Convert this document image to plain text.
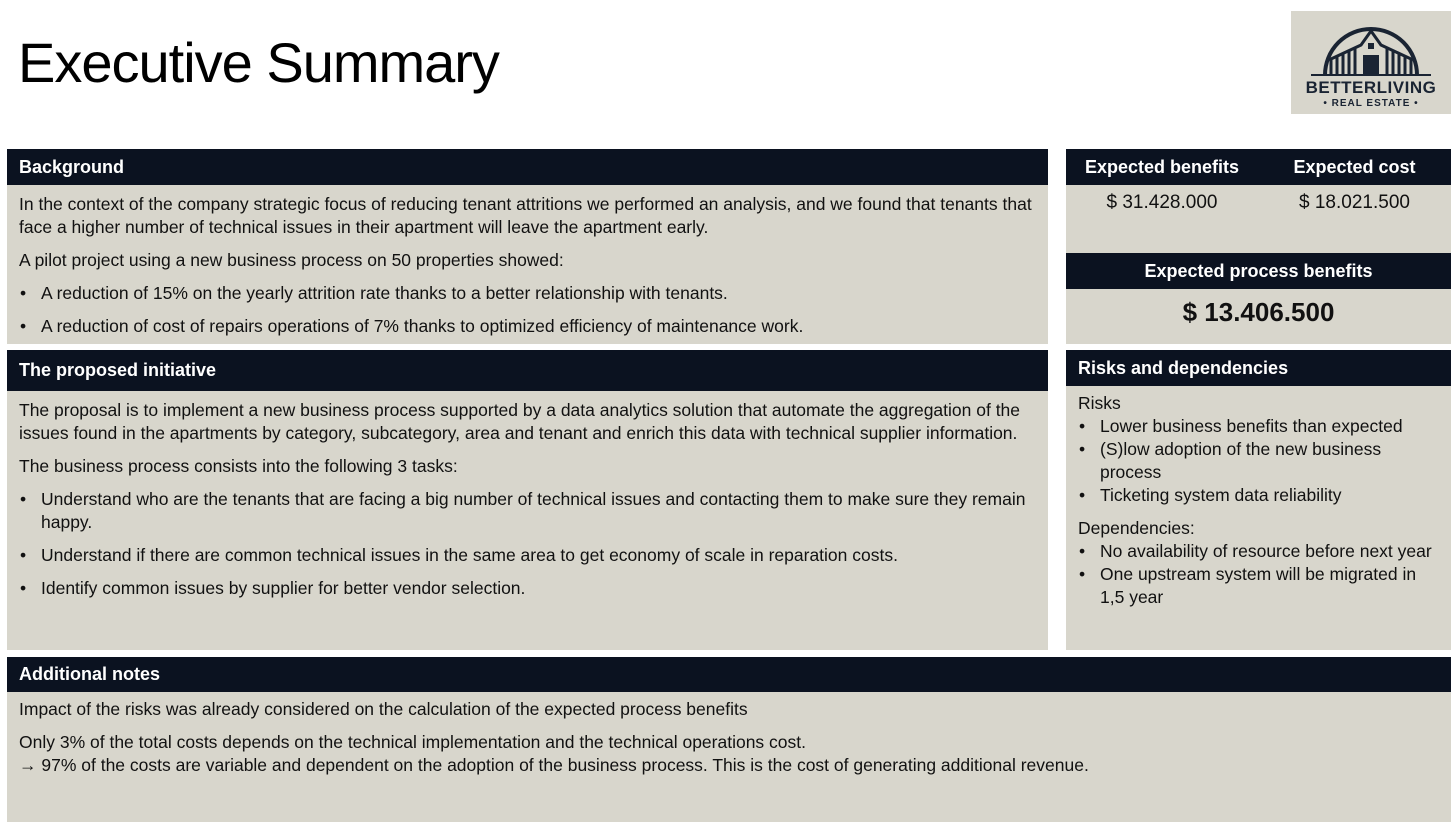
Executive Summary	BETTERLIVING
• REAL ESTATE •
Background

In the context of the company strategic focus of reducing tenant attritions we performed an analysis, and we found that tenants that face a higher number of technical issues in their apartment will leave the apartment early.

A pilot project using a new business process on 50 properties showed:

• A reduction of 15% on the yearly attrition rate thanks to a better relationship with tenants.
• A reduction of cost of repairs operations of 7% thanks to optimized efficiency of maintenance work.
Expected benefits	Expected cost
$ 31.428.000	$ 18.021.500
Expected process benefits
$ 13.406.500
The proposed initiative

The proposal is to implement a new business process supported by a data analytics solution that automate the aggregation of the issues found in the apartments by category, subcategory, area and tenant and enrich this data with technical supplier information.

The business process consists into the following 3 tasks:

• Understand who are the tenants that are facing a big number of technical issues and contacting them to make sure they remain happy.
• Understand if there are common technical issues in the same area to get economy of scale in reparation costs.
• Identify common issues by supplier for better vendor selection.
Risks and dependencies

Risks

• Lower business benefits than expected
• (S)low adoption of the new business process
• Ticketing system data reliability

Dependencies:

• No availability of resource before next year
• One upstream system will be migrated in 1,5 year
Additional notes

Impact of the risks was already considered on the calculation of the expected process benefits

Only 3% of the total costs depends on the technical implementation and the technical operations cost.

→ 97% of the costs are variable and dependent on the adoption of the business process. This is the cost of generating additional revenue.
